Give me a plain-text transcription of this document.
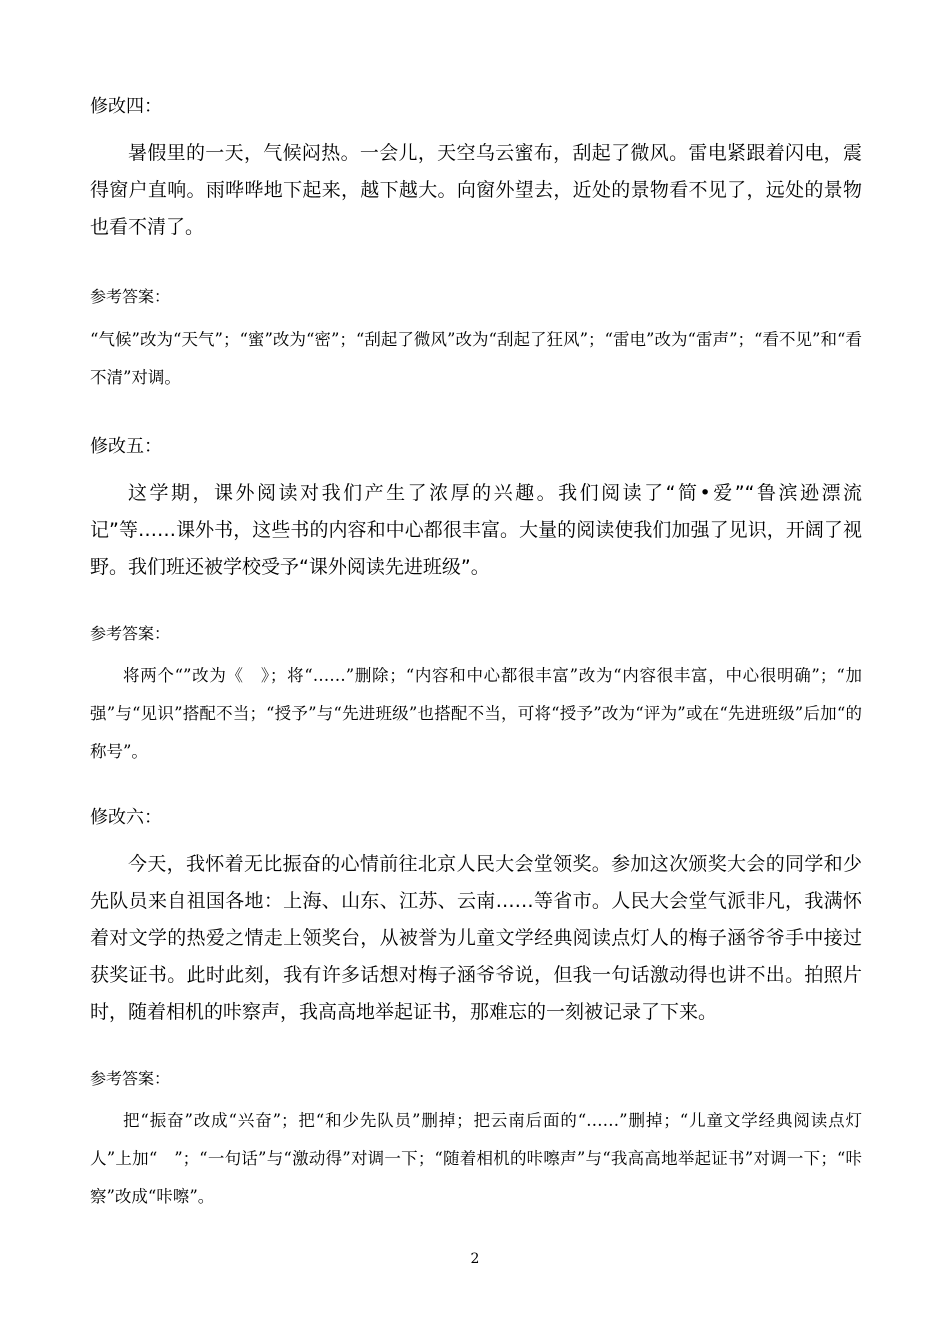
修改四：

暑假里的一天，气候闷热。一会儿，天空乌云蜜布，刮起了微风。雷电紧跟着闪电，震得窗户直响。雨哗哗地下起来，越下越大。向窗外望去，近处的景物看不见了，远处的景物也看不清了。

参考答案：

“气候”改为“天气”；“蜜”改为“密”；“刮起了微风”改为“刮起了狂风”；“雷电”改为“雷声”；“看不见”和“看不清”对调。

修改五：

这学期，课外阅读对我们产生了浓厚的兴趣。我们阅读了“简•爱”“鲁滨逊漂流记”等……课外书，这些书的内容和中心都很丰富。大量的阅读使我们加强了见识，开阔了视野。我们班还被学校受予“课外阅读先进班级”。

参考答案：

将两个“”改为《　》；将“……”删除；“内容和中心都很丰富”改为“内容很丰富，中心很明确”；“加强”与“见识”搭配不当；“授予”与“先进班级”也搭配不当，可将“授予”改为“评为”或在“先进班级”后加“的称号”。

修改六：

今天，我怀着无比振奋的心情前往北京人民大会堂领奖。参加这次颁奖大会的同学和少先队员来自祖国各地：上海、山东、江苏、云南……等省市。人民大会堂气派非凡，我满怀着对文学的热爱之情走上领奖台，从被誉为儿童文学经典阅读点灯人的梅子涵爷爷手中接过获奖证书。此时此刻，我有许多话想对梅子涵爷爷说，但我一句话激动得也讲不出。拍照片时，随着相机的咔察声，我高高地举起证书，那难忘的一刻被记录了下来。

参考答案：

把“振奋”改成“兴奋”；把“和少先队员”删掉；把云南后面的“……”删掉；“儿童文学经典阅读点灯人”上加“　”；“一句话”与“激动得”对调一下；“随着相机的咔嚓声”与“我高高地举起证书”对调一下；“咔察”改成“咔嚓”。

2
